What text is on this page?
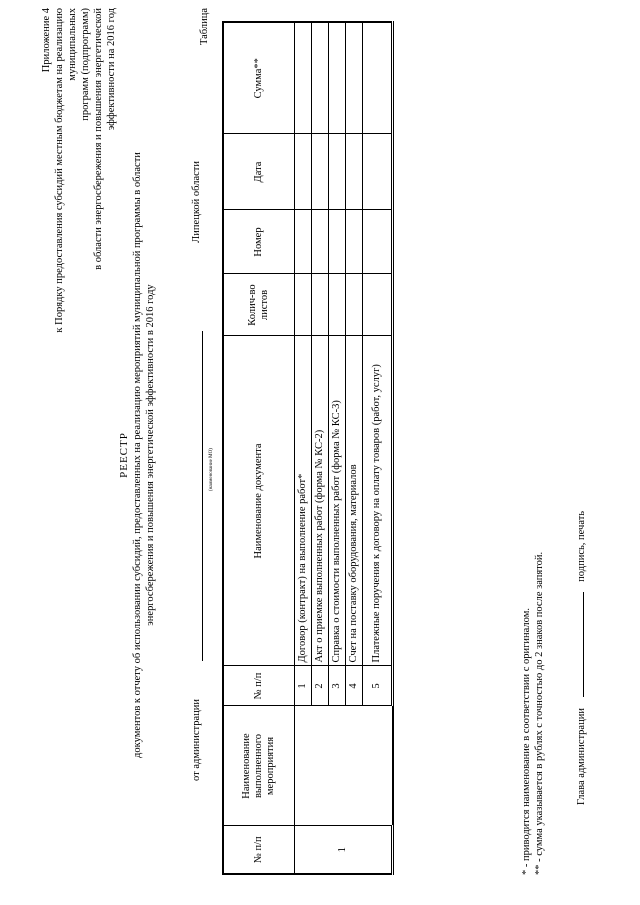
Приложение 4 к Порядку предоставления субсидий местным бюджетам на реализацию муниципальных программ (подпрограмм) в области энергосбережения и повышения энергетической эффективности на 2016 год
РЕЕСТР документов к отчету об использовании субсидий, предоставленных на реализацию мероприятий муниципальной программы в области энергосбережения и повышения энергетической эффективности в 2016 году
от администрации
(наименование МО)
Липецкой области
Таблица
№ п/п	Наименование выполненного мероприятия	№ п/п	Наименование документа	Колич-во листов	Номер	Дата	Сумма**
1		1	Договор (контракт) на выполнение работ*				
		2	Акт о приемке выполненных работ (форма № КС-2)				
		3	Справка о стоимости выполненных работ (форма № КС-3)				
		4	Счет на поставку оборудования, материалов				
		5	Платежные поручения к договору на оплату товаров (работ, услуг)				
* - приводится наименование в соответствии с оригиналом. ** - сумма указывается в рублях с точностью до 2 знаков после запятой.	Глава администрации  подпись, печать
